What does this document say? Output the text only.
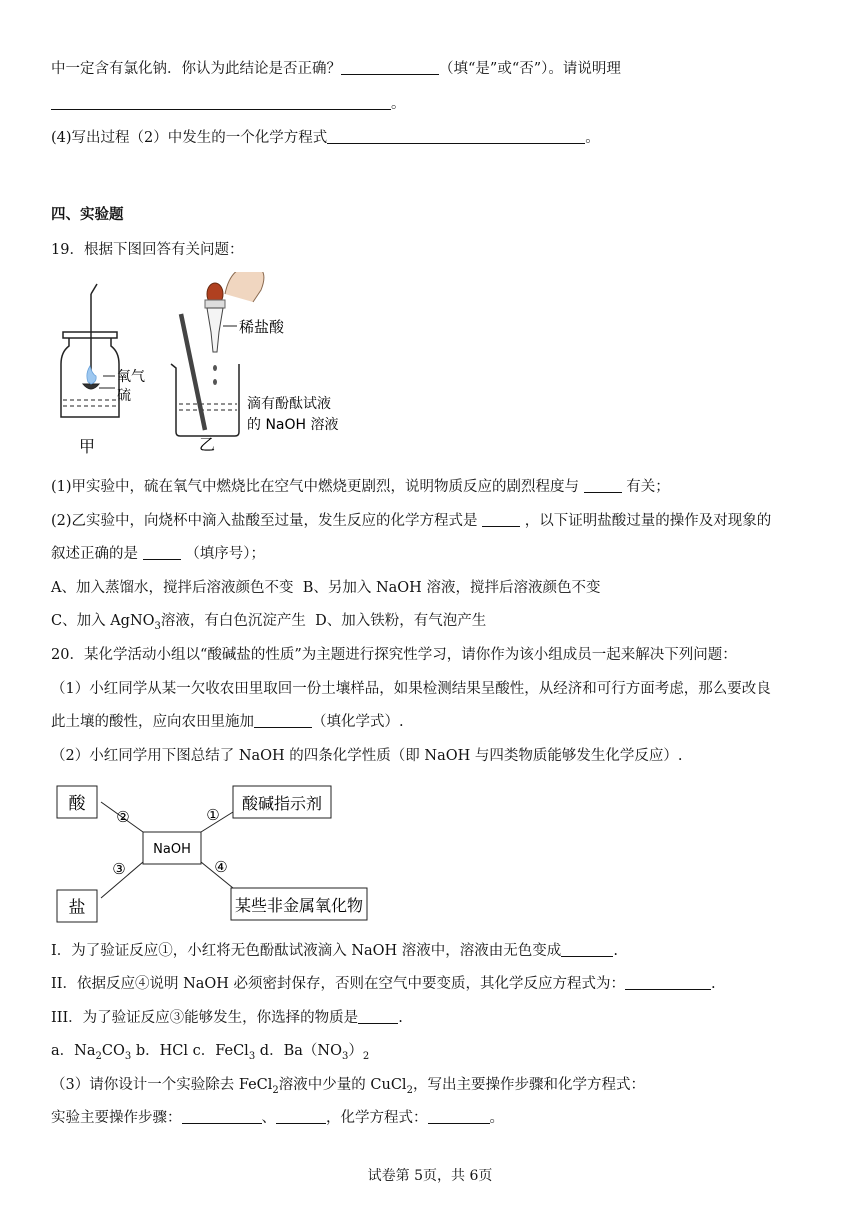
中一定含有氯化钠．你认为此结论是否正确？	（填“是”或“否”）。请说明理
。
(4)写出过程（2）中发生的一个化学方程式	。
四、实验题
19．根据下图回答有关问题：
氧气
硫
甲
稀盐酸
滴有酚酞试液
的 NaOH 溶液
乙
(1)甲实验中，硫在氧气中燃烧比在空气中燃烧更剧烈，说明物质反应的剧烈程度与	有关；
(2)乙实验中，向烧杯中滴入盐酸至过量，发生反应的化学方程式是	，以下证明盐酸过量的操作及对现象的
叙述正确的是	（填序号）；
A、加入蒸馏水，搅拌后溶液颜色不变 B、另加入 NaOH 溶液，搅拌后溶液颜色不变
C、加入 AgNO$_3$溶液，有白色沉淀产生 D、加入铁粉，有气泡产生
20．某化学活动小组以“酸碱盐的性质”为主题进行探究性学习，请你作为该小组成员一起来解决下列问题：
（1）小红同学从某一欠收农田里取回一份土壤样品，如果检测结果呈酸性，从经济和可行方面考虑，那么要改良
此土壤的酸性，应向农田里施加	（填化学式）.
（2）小红同学用下图总结了 NaOH 的四条化学性质（即 NaOH 与四类物质能够发生化学反应）.
NaOH
酸	酸碱指示剂
盐	某些非金属氧化物
②	①
③	④
I．为了验证反应①，小红将无色酚酞试液滴入 NaOH 溶液中，溶液由无色变成	.
II．依据反应④说明 NaOH 必须密封保存，否则在空气中要变质，其化学反应方程式为：	.
III．为了验证反应③能够发生，你选择的物质是	.
a．$Na_2CO_3$ b．HCl c．FeCl$_3$ d．$Ba(NO_3)_2$
（3）请你设计一个实验除去 FeCl$_2$溶液中少量的 CuCl$_2$，写出主要操作步骤和化学方程式：
实验主要操作步骤：	、	，化学方程式：	。
试卷第 5页，共 6页
